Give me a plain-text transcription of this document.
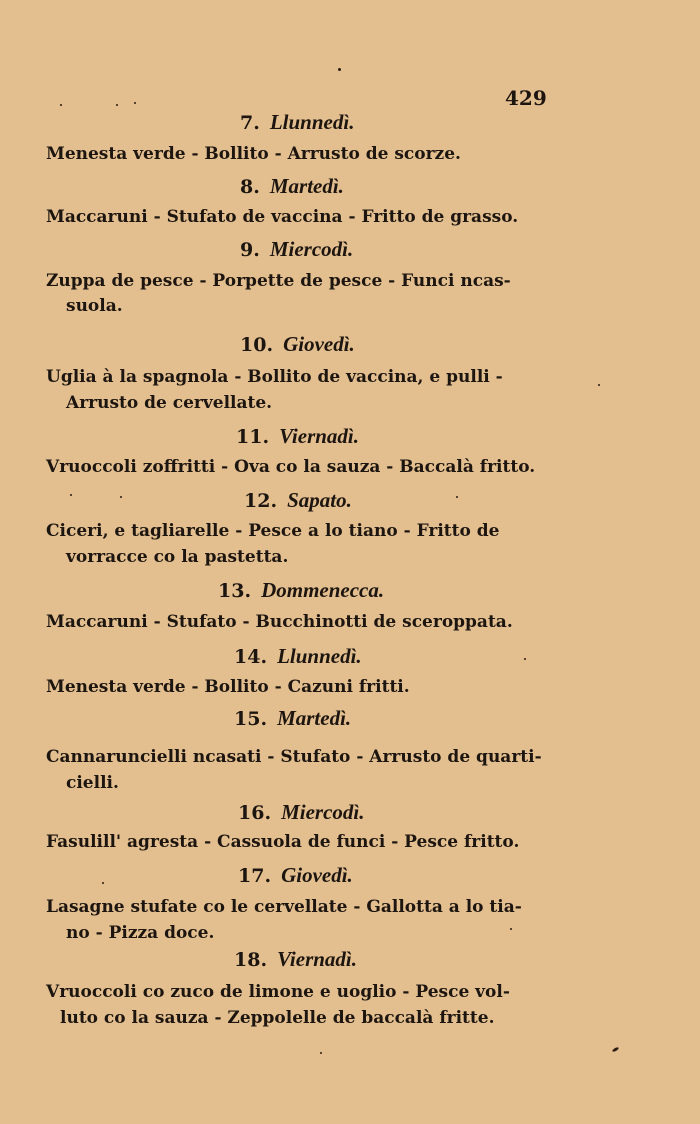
429
7. Llunnedì.
Menesta verde - Bollito - Arrusto de scorze.
8. Martedì.
Maccaruni - Stufato de vaccina - Fritto de grasso.
9. Miercodì.
Zuppa de pesce - Porpette de pesce - Funci ncas-
suola.
10. Giovedì.
Uglia à la spagnola - Bollito de vaccina, e pulli -
Arrusto de cervellate.
11. Viernadì.
Vruoccoli zoffritti - Ova co la sauza - Baccalà fritto.
12. Sapato.
Ciceri, e tagliarelle - Pesce a lo tiano - Fritto de
vorracce co la pastetta.
13. Dommenecca.
Maccaruni - Stufato - Bucchinotti de sceroppata.
14. Llunnedì.
Menesta verde - Bollito - Cazuni fritti.
15. Martedì.
Cannaruncielli ncasati - Stufato - Arrusto de quarti-
cielli.
16. Miercodì.
Fasulill' agresta - Cassuola de funci - Pesce fritto.
17. Giovedì.
Lasagne stufate co le cervellate - Gallotta a lo tia-
no - Pizza doce.
18. Viernadì.
Vruoccoli co zuco de limone e uoglio - Pesce vol-
luto co la sauza - Zeppolelle de baccalà fritte.
